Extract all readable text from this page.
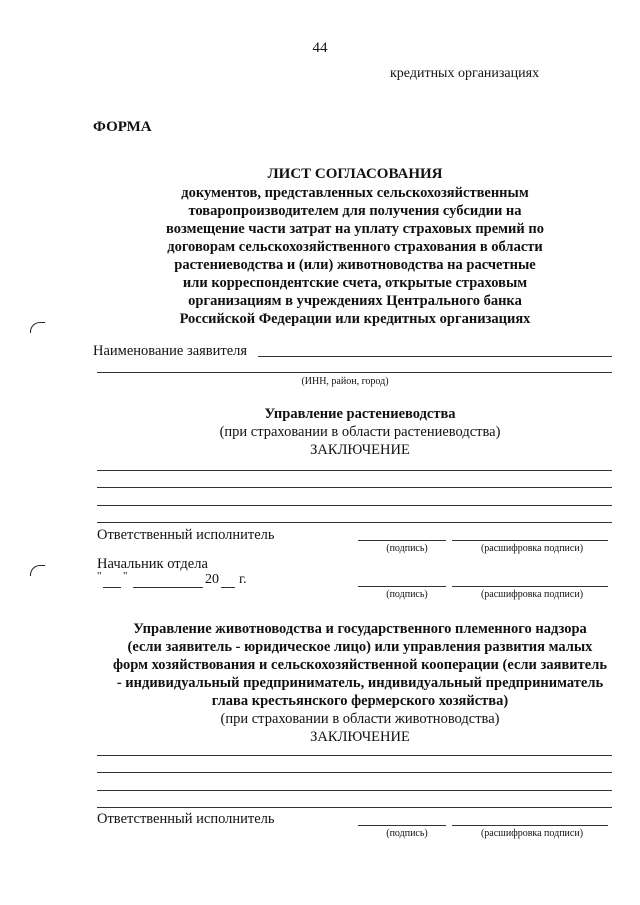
44
кредитных организациях
ФОРМА
ЛИСТ СОГЛАСОВАНИЯ
документов, представленных сельскохозяйственным
товаропроизводителем для получения субсидии на
возмещение части затрат на уплату страховых премий по
договорам сельскохозяйственного страхования в области
растениеводства и (или) животноводства на расчетные
или корреспондентские счета, открытые страховым
организациям в учреждениях Центрального банка
Российской Федерации или кредитных организациях
Наименование заявителя
(ИНН, район, город)
Управление растениеводства
(при страховании в области растениеводства)
ЗАКЛЮЧЕНИЕ
Ответственный исполнитель
(подпись)	(расшифровка подписи)
Начальник отдела
" "	20 г.
(подпись)	(расшифровка подписи)
Управление животноводства и государственного племенного надзора
(если заявитель - юридическое лицо) или управления развития малых
форм хозяйствования и сельскохозяйственной кооперации (если заявитель
- индивидуальный предприниматель, индивидуальный предприниматель
глава крестьянского фермерского хозяйства)
(при страховании в области животноводства)
ЗАКЛЮЧЕНИЕ
Ответственный исполнитель
(подпись)	(расшифровка подписи)
